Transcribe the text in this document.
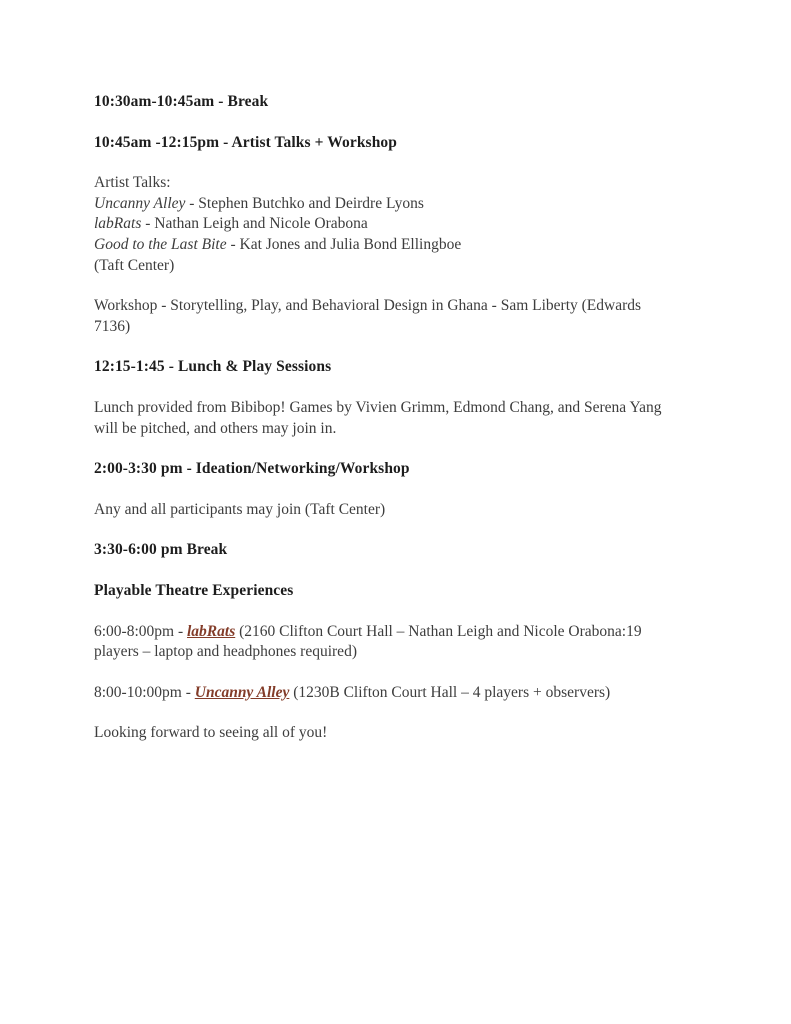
10:30am-10:45am - Break
10:45am -12:15pm - Artist Talks + Workshop
Artist Talks:
Uncanny Alley - Stephen Butchko and Deirdre Lyons
labRats - Nathan Leigh and Nicole Orabona
Good to the Last Bite - Kat Jones and Julia Bond Ellingboe
(Taft Center)
Workshop - Storytelling, Play, and Behavioral Design in Ghana - Sam Liberty (Edwards
7136)
12:15-1:45 - Lunch & Play Sessions
Lunch provided from Bibibop! Games by Vivien Grimm, Edmond Chang, and Serena Yang
will be pitched, and others may join in.
2:00-3:30 pm - Ideation/Networking/Workshop
Any and all participants may join (Taft Center)
3:30-6:00 pm Break
Playable Theatre Experiences
6:00-8:00pm - labRats (2160 Clifton Court Hall – Nathan Leigh and Nicole Orabona:19
players – laptop and headphones required)
8:00-10:00pm - Uncanny Alley (1230B Clifton Court Hall – 4 players + observers)
Looking forward to seeing all of you!
